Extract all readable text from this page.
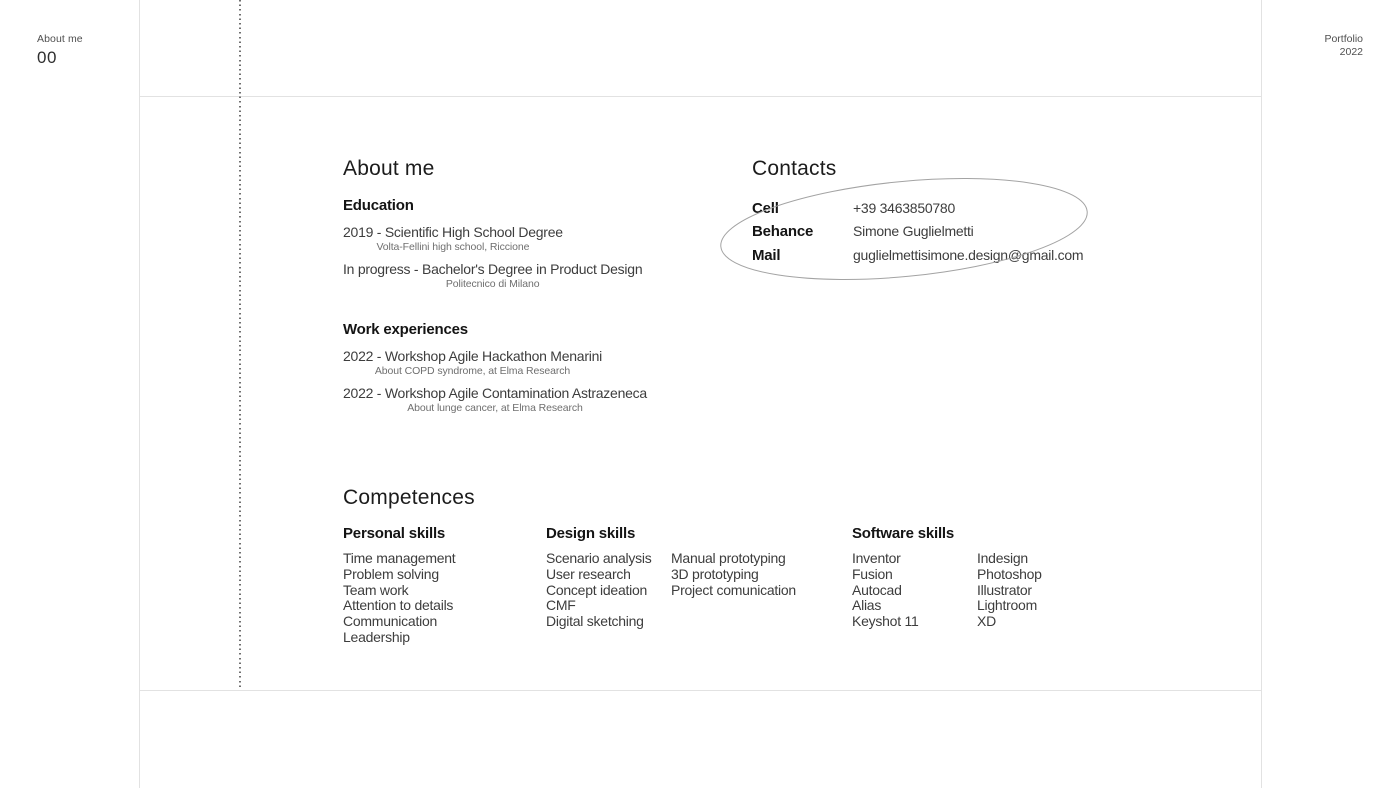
About me
00
Portfolio
2022
About me
Education
2019 - Scientific High School Degree
Volta-Fellini high school, Riccione
In progress - Bachelor's Degree in Product Design
Politecnico di Milano
Work experiences
2022 - Workshop Agile Hackathon Menarini
About COPD syndrome, at Elma Research
2022 - Workshop Agile Contamination Astrazeneca
About lunge cancer, at Elma Research
Contacts
Cell	+39 3463850780
Behance	Simone Guglielmetti
Mail	guglielmettisimone.design@gmail.com
Competences
Personal skills
Time management
Problem solving
Team work
Attention to details
Communication
Leadership
Design skills
Scenario analysis
User research
Concept ideation
CMF
Digital sketching
Manual prototyping
3D prototyping
Project comunication
Software skills
Inventor
Fusion
Autocad
Alias
Keyshot 11
Indesign
Photoshop
Illustrator
Lightroom
XD
